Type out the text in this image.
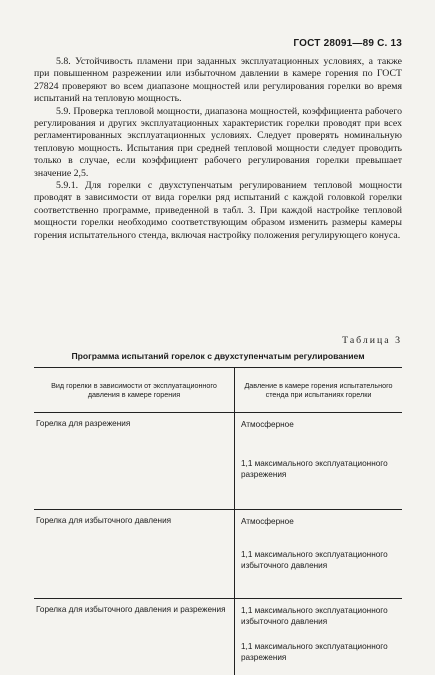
ГОСТ 28091—89 С. 13

5.8. Устойчивость пламени при заданных эксплуатационных условиях, а также при повышенном разрежении или избыточном давлении в камере горения по ГОСТ 27824 проверяют во всем диапазоне мощностей или регулирования горелки во время испытаний на тепловую мощность.

5.9. Проверка тепловой мощности, диапазона мощностей, коэффициента рабочего регулирования и других эксплуатационных характеристик горелки проводят при всех регламентированных эксплуатационных условиях. Следует проверять номинальную тепловую мощность. Испытания при средней тепловой мощности следует проводить только в случае, если коэффициент рабочего регулирования горелки превышает значение 2,5.

5.9.1. Для горелки с двухступенчатым регулированием тепловой мощности проводят в зависимости от вида горелки ряд испытаний с каждой головкой горелки соответственно программе, приведенной в табл. 3. При каждой настройке тепловой мощности горелки необходимо соответствующим образом изменить размеры камеры горения испытательного стенда, включая настройку положения регулирующего конуса.

Таблица 3
Программа испытаний горелок с двухступенчатым регулированием
Вид горелки в зависимости от эксплуатационного давления в камере горения	Давление в камере горения испытательного стенда при испытаниях горелки
Горелка для разрежения	Атмосферное
1,1 максимального эксплуатационного разрежения

Горелка для избыточного давления	Атмосферное
1,1 максимального эксплуатационного избыточного давления

Горелка для избыточного давления и разрежения	1,1 максимального эксплуатационного избыточного давления
1,1 максимального эксплуатационного разрежения
